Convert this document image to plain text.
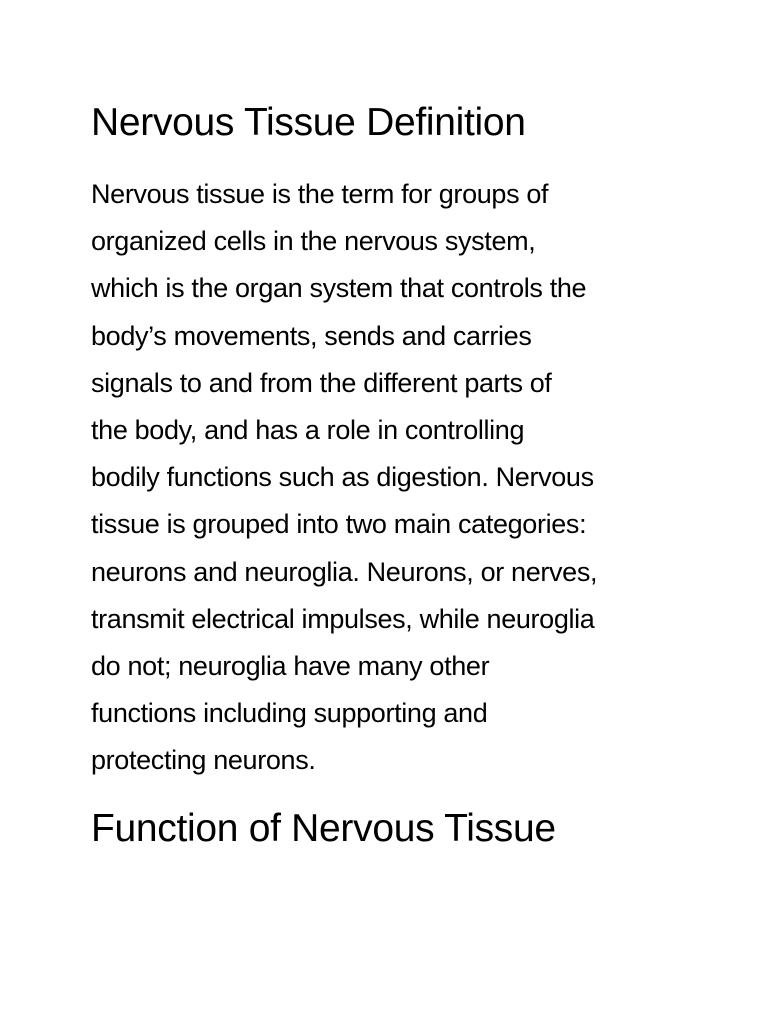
Nervous Tissue Definition

Nervous tissue is the term for groups of
organized cells in the nervous system,
which is the organ system that controls the
body’s movements, sends and carries
signals to and from the different parts of
the body, and has a role in controlling
bodily functions such as digestion. Nervous
tissue is grouped into two main categories:
neurons and neuroglia. Neurons, or nerves,
transmit electrical impulses, while neuroglia
do not; neuroglia have many other
functions including supporting and
protecting neurons.

Function of Nervous Tissue
